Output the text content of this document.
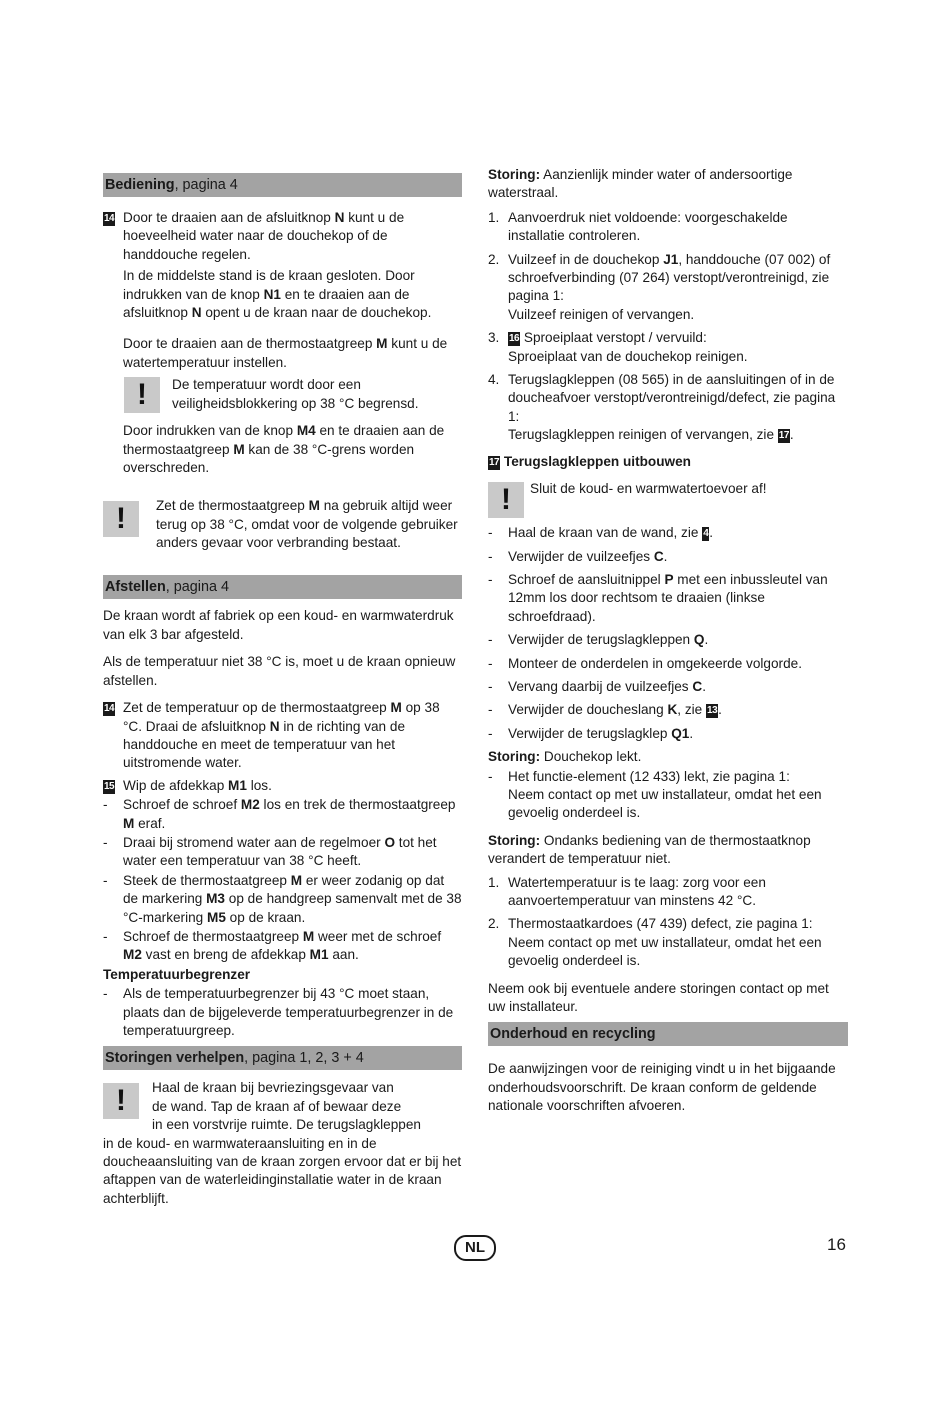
Bediening, pagina 4
14 Door te draaien aan de afsluitknop N kunt u de hoeveelheid water naar de douchekop of de handdouche regelen.
In de middelste stand is de kraan gesloten. Door indrukken van de knop N1 en te draaien aan de afsluitknop N opent u de kraan naar de douchekop.
Door te draaien aan de thermostaatgreep M kunt u de watertemperatuur instellen.
!	De temperatuur wordt door een veiligheidsblokkering op 38 °C begrensd.
Door indrukken van de knop M4 en te draaien aan de thermostaatgreep M kan de 38 °C-grens worden overschreden.
!	Zet de thermostaatgreep M na gebruik altijd weer terug op 38 °C, omdat voor de volgende gebruiker anders gevaar voor verbranding bestaat.
Afstellen, pagina 4

De kraan wordt af fabriek op een koud- en warmwaterdruk van elk 3 bar afgesteld.

Als de temperatuur niet 38 °C is, moet u de kraan opnieuw afstellen.

14 Zet de temperatuur op de thermostaatgreep M op 38 °C. Draai de afsluitknop N in de richting van de handdouche en meet de temperatuur van het uitstromende water.
15 Wip de afdekkap M1 los.
- Schroef de schroef M2 los en trek de thermostaatgreep M eraf.
- Draai bij stromend water aan de regelmoer O tot het water een temperatuur van 38 °C heeft.
- Steek de thermostaatgreep M er weer zodanig op dat de markering M3 op de handgreep samenvalt met de 38 °C-markering M5 op de kraan.
- Schroef de thermostaatgreep M weer met de schroef M2 vast en breng de afdekkap M1 aan.

Temperatuurbegrenzer

- Als de temperatuurbegrenzer bij 43 °C moet staan, plaats dan de bijgeleverde temperatuurbegrenzer in de temperatuurgreep.
Storingen verhelpen, pagina 1, 2, 3 + 4
!	Haal de kraan bij bevriezingsgevaar van
de wand. Tap de kraan af of bewaar deze
in een vorstvrije ruimte. De terugslagkleppen

in de koud- en warmwateraansluiting en in de doucheaansluiting van de kraan zorgen ervoor dat er bij het aftappen van de waterleidinginstallatie water in de kraan achterblijft.

Storing: Aanzienlijk minder water of andersoortige waterstraal.

1. Aanvoerdruk niet voldoende: voorgeschakelde installatie controleren.
2. Vuilzeef in de douchekop J1, handdouche (07 002) of schroefverbinding (07 264) verstopt/verontreinigd, zie pagina 1:
Vuilzeef reinigen of vervangen.
3. 16 Sproeiplaat verstopt / vervuild:
Sproeiplaat van de douchekop reinigen.
4. Terugslagkleppen (08 565) in de aansluitingen of in de doucheafvoer verstopt/verontreinigd/defect, zie pagina 1:
Terugslagkleppen reinigen of vervangen, zie 17.

17 Terugslagkleppen uitbouwen

!	Sluit de koud- en warmwatertoevoer af!
- Haal de kraan van de wand, zie 4.
- Verwijder de vuilzeefjes C.
- Schroef de aansluitnippel P met een inbussleutel van 12mm los door rechtsom te draaien (linkse schroefdraad).
- Verwijder de terugslagkleppen Q.
- Monteer de onderdelen in omgekeerde volgorde.
- Vervang daarbij de vuilzeefjes C.
- Verwijder de doucheslang K, zie 13.
- Verwijder de terugslagklep Q1.

Storing: Douchekop lekt.

- Het functie-element (12 433) lekt, zie pagina 1:
Neem contact op met uw installateur, omdat het een gevoelig onderdeel is.

Storing: Ondanks bediening van de thermostaatknop verandert de temperatuur niet.

1. Watertemperatuur is te laag: zorg voor een aanvoertemperatuur van minstens 42 °C.
2. Thermostaatkardoes (47 439) defect, zie pagina 1:
Neem contact op met uw installateur, omdat het een gevoelig onderdeel is.

Neem ook bij eventuele andere storingen contact op met uw installateur.

Onderhoud en recycling

De aanwijzingen voor de reiniging vindt u in het bijgaande onderhoudsvoorschrift. De kraan conform de geldende nationale voorschriften afvoeren.

NL	16
